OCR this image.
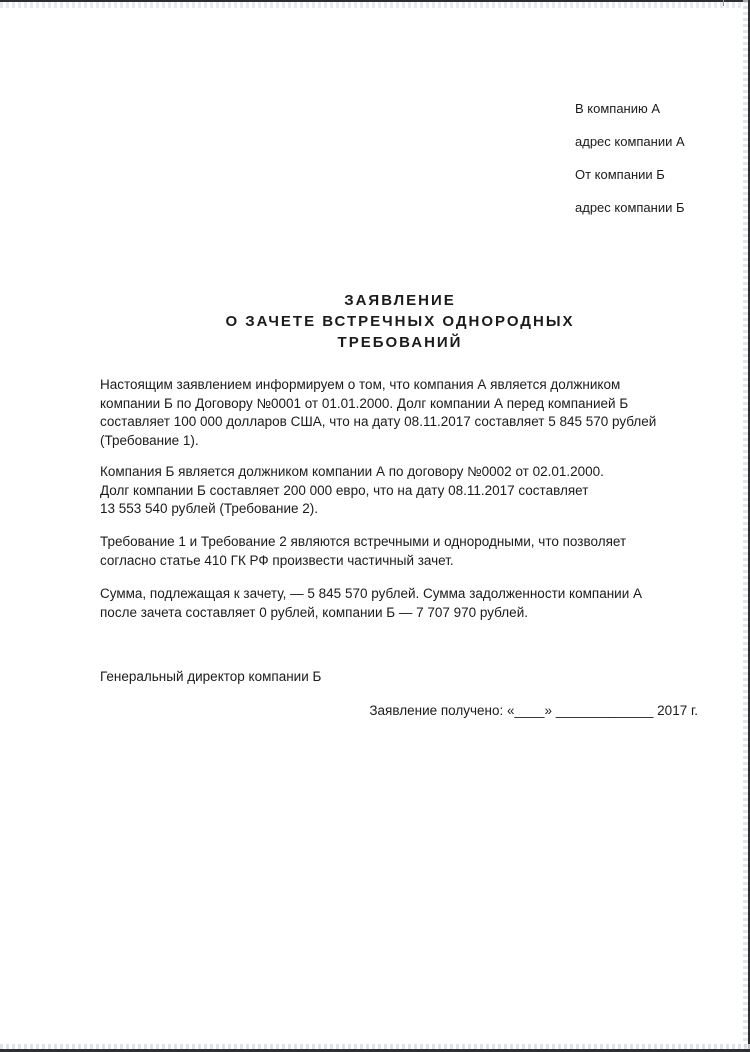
В компанию А
адрес компании А
От компании Б
адрес компании Б
ЗАЯВЛЕНИЕ
О ЗАЧЕТЕ ВСТРЕЧНЫХ ОДНОРОДНЫХ
ТРЕБОВАНИЙ

Настоящим заявлением информируем о том, что компания А является должником
компании Б по Договору №0001 от 01.01.2000. Долг компании А перед компанией Б
составляет 100 000 долларов США, что на дату 08.11.2017 составляет 5 845 570 рублей
(Требование 1).

Компания Б является должником компании А по договору №0002 от 02.01.2000.
Долг компании Б составляет 200 000 евро, что на дату 08.11.2017 составляет
13 553 540 рублей (Требование 2).

Требование 1 и Требование 2 являются встречными и однородными, что позволяет
согласно статье 410 ГК РФ произвести частичный зачет.

Сумма, подлежащая к зачету, — 5 845 570 рублей. Сумма задолженности компании А
после зачета составляет 0 рублей, компании Б — 7 707 970 рублей.

Генеральный директор компании Б
Заявление получено: «____» _____________ 2017 г.
